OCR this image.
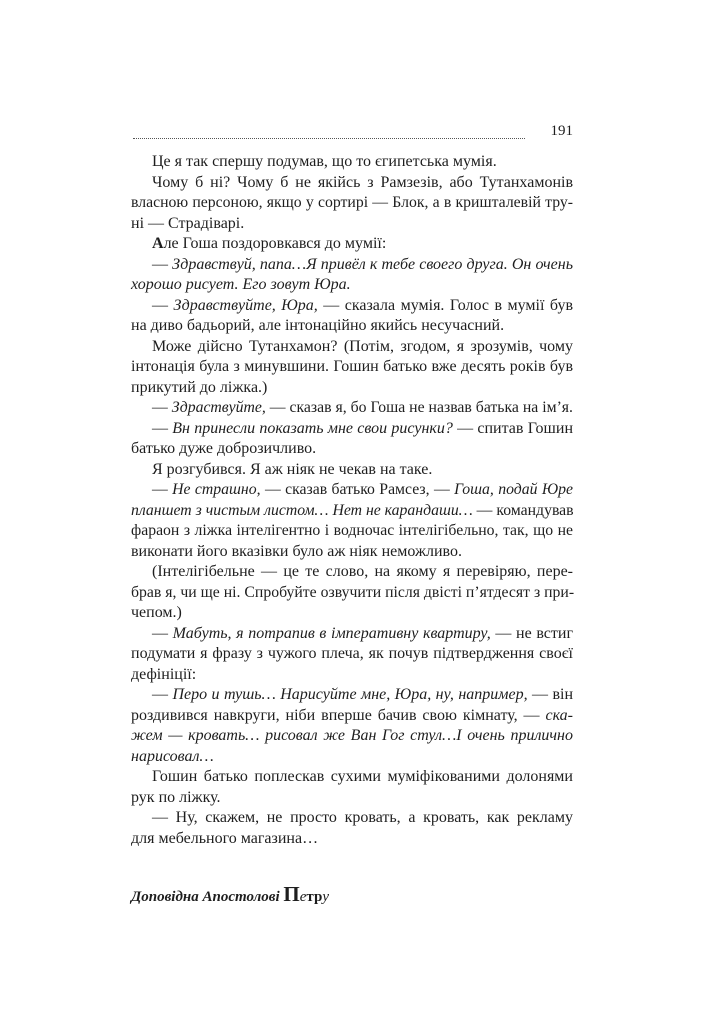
191
Це я так спершу подумав, що то єгипетська мумія.
Чому б ні? Чому б не якійсь з Рамзезів, або Тутанхамонів
власною персоною, якщо у сортирі — Блок, а в кришталевій тру-
ні — Страдіварі.
Але Гоша поздоровкався до мумії:
— Здравствуй, папа…Я привёл к тебе своего друга. Он очень
хорошо рисует. Его зовут Юра.
— Здравствуйте, Юра, — сказала мумія. Голос в мумії був
на диво бадьорий, але інтонаційно якийсь несучасний.
Може дійсно Тутанхамон? (Потім, згодом, я зрозумів, чому
інтонація була з минувшини. Гошин батько вже десять років був
прикутий до ліжка.)
— Здраствуйте, — сказав я, бо Гоша не назвав батька на ім’я.
— Вн принесли показать мне свои рисунки? — спитав Гошин
батько дуже доброзичливо.
Я розгубився. Я аж ніяк не чекав на таке.
— Не страшно, — сказав батько Рамсез, — Гоша, подай Юре
планшет з чистым листом… Нет не карандаши… — командував
фараон з ліжка інтелігентно і водночас інтелігібельно, так, що не
виконати його вказівки було аж ніяк неможливо.
(Інтелігібельне — це те слово, на якому я перевіряю, пере-
брав я, чи ще ні. Спробуйте озвучити після двісті п’ятдесят з при-
чепом.)
— Мабуть, я потрапив в імперативну квартиру, — не встиг
подумати я фразу з чужого плеча, як почув підтвердження своєї
дефініції:
— Перо и тушь… Нарисуйте мне, Юра, ну, например, — він
роздивився навкруги, ніби вперше бачив свою кімнату, — ска-
жем — кровать… рисовал же Ван Гог стул…І очень прилично
нарисовал…
Гошин батько поплескав сухими муміфікованими долонями
рук по ліжку.
— Ну, скажем, не просто кровать, а кровать, как рекламу
для мебельного магазина…
Доповідна Апостолові Петру
